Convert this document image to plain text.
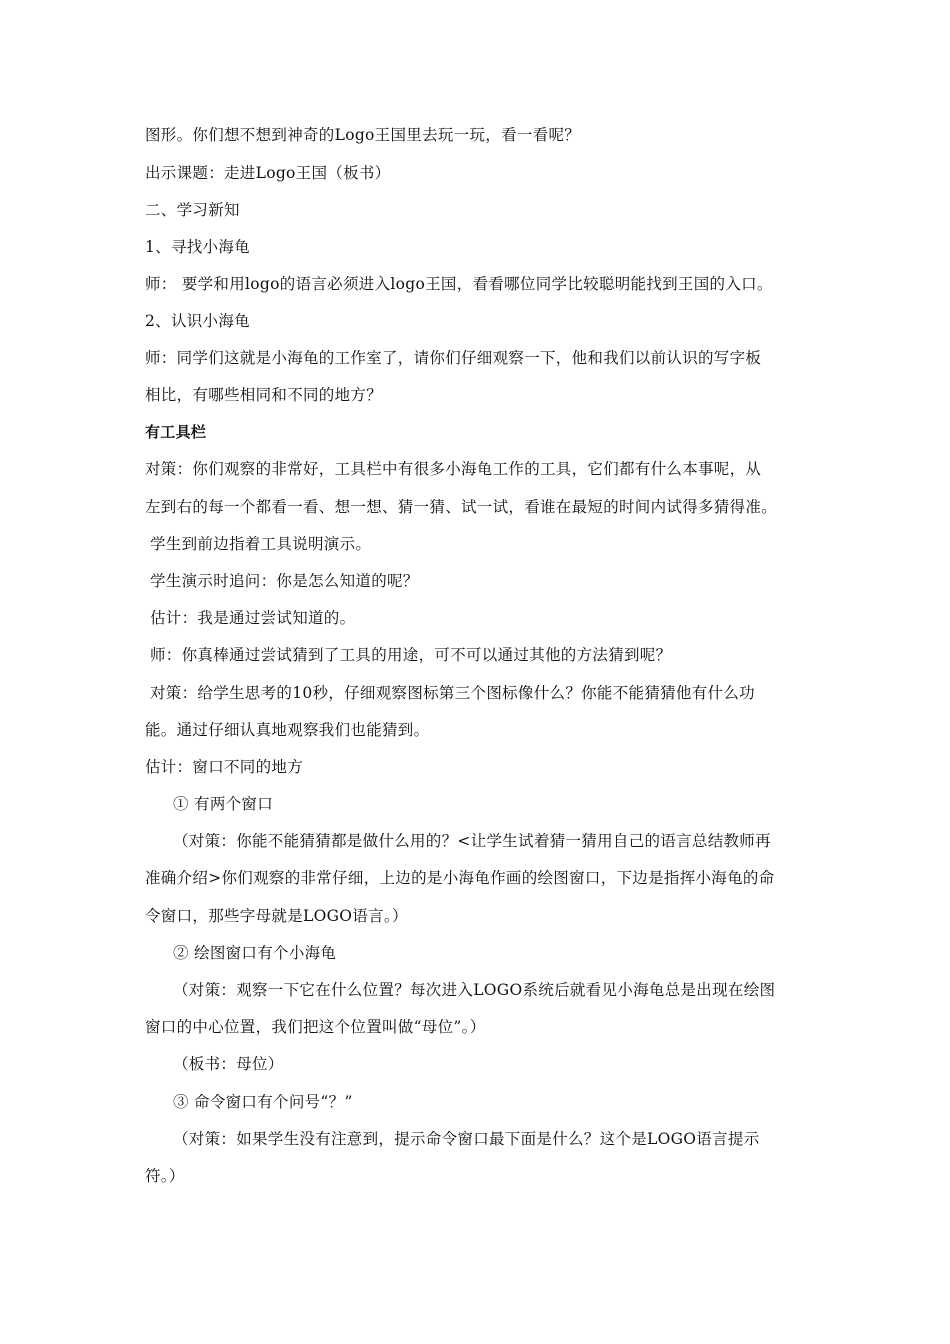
图形。你们想不想到神奇的Logo王国里去玩一玩，看一看呢？
出示课题：走进Logo王国（板书）
二、学习新知
1、寻找小海龟
师： 要学和用logo的语言必须进入logo王国，看看哪位同学比较聪明能找到王国的入口。
2、认识小海龟
师：同学们这就是小海龟的工作室了，请你们仔细观察一下，他和我们以前认识的写字板
相比，有哪些相同和不同的地方？
有工具栏
对策：你们观察的非常好，工具栏中有很多小海龟工作的工具，它们都有什么本事呢，从
左到右的每一个都看一看、想一想、猜一猜、试一试，看谁在最短的时间内试得多猜得准。
学生到前边指着工具说明演示。
学生演示时追问：你是怎么知道的呢？
估计：我是通过尝试知道的。
师：你真棒通过尝试猜到了工具的用途，可不可以通过其他的方法猜到呢？
对策：给学生思考的10秒，仔细观察图标第三个图标像什么？你能不能猜猜他有什么功
能。通过仔细认真地观察我们也能猜到。
估计：窗口不同的地方
① 有两个窗口
（对策：你能不能猜猜都是做什么用的？<让学生试着猜一猜用自己的语言总结教师再
准确介绍>你们观察的非常仔细，上边的是小海龟作画的绘图窗口，下边是指挥小海龟的命
令窗口，那些字母就是LOGO语言。）
② 绘图窗口有个小海龟
（对策：观察一下它在什么位置？每次进入LOGO系统后就看见小海龟总是出现在绘图
窗口的中心位置，我们把这个位置叫做“母位”。）
（板书：母位）
③ 命令窗口有个问号“？”
（对策：如果学生没有注意到，提示命令窗口最下面是什么？这个是LOGO语言提示
符。）
